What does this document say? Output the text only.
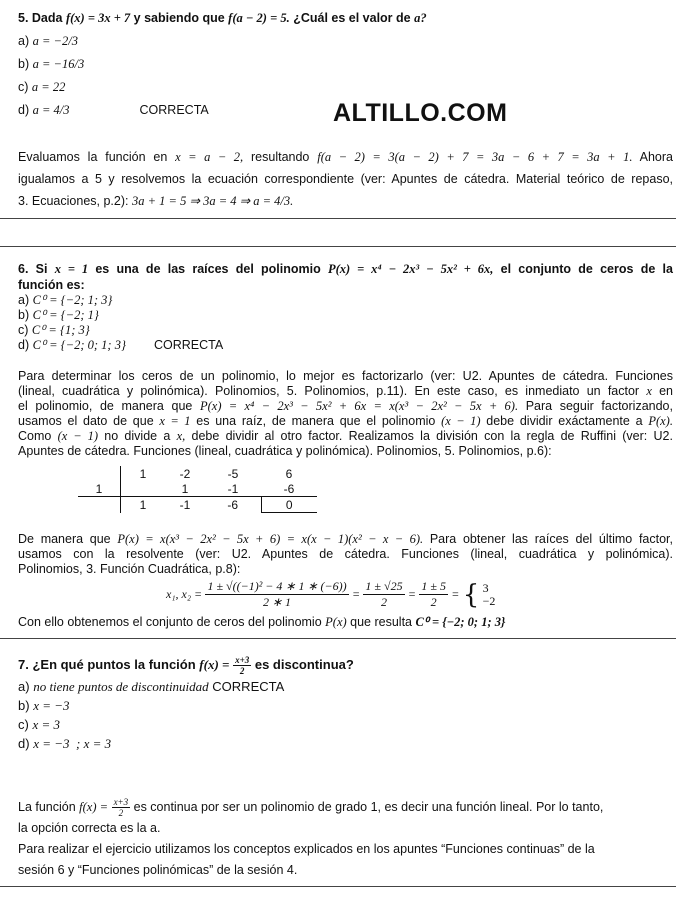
5. Dada f(x) = 3x + 7 y sabiendo que f(a − 2) = 5. ¿Cuál es el valor de a?
a) a = −2/3
b) a = −16/3
c) a = 22
d) a = 4/3	CORRECTA	ALTILLO.COM
Evaluamos la función en x = a − 2, resultando f(a − 2) = 3(a − 2) + 7 = 3a − 6 + 7 = 3a + 1. Ahora
igualamos a 5 y resolvemos la ecuación correspondiente (ver: Apuntes de cátedra. Material teórico de repaso,
3. Ecuaciones, p.2): 3a + 1 = 5 ⇒ 3a = 4 ⇒ a = 4/3.
6. Si x = 1 es una de las raíces del polinomio P(x) = x⁴ − 2x³ − 5x² + 6x, el conjunto de ceros de la
función es:
a) C⁰ = {−2; 1; 3}
b) C⁰ = {−2; 1}
c) C⁰ = {1; 3}
d) C⁰ = {−2; 0; 1; 3} CORRECTA
Para determinar los ceros de un polinomio, lo mejor es factorizarlo (ver: U2. Apuntes de cátedra. Funciones
(lineal, cuadrática y polinómica). Polinomios, 5. Polinomios, p.11). En este caso, es inmediato un factor x en
el polinomio, de manera que P(x) = x⁴ − 2x³ − 5x² + 6x = x(x³ − 2x² − 5x + 6). Para seguir factorizando,
usamos el dato de que x = 1 es una raíz, de manera que el polinomio (x − 1) debe dividir exáctamente a P(x).
Como (x − 1) no divide a x, debe dividir al otro factor. Realizamos la división con la regla de Ruffini (ver: U2.
Apuntes de cátedra. Funciones (lineal, cuadrática y polinómica). Polinomios, 5. Polinomios, p.6):
	1	-2	-5	6
1		1	-1	-6
	1	-1	-6	0
De manera que P(x) = x(x³ − 2x² − 5x + 6) = x(x − 1)(x² − x − 6). Para obtener las raíces del último factor,
usamos con la resolvente (ver: U2. Apuntes de cátedra. Funciones (lineal, cuadrática y polinómica).
Polinomios, 3. Función Cuadrática, p.8):
x₁, $x_2 = \frac{\text{1 ± √((−1)² − 4 ∗ 1 ∗ (−6))}}{2 ∗ 1} = \frac{1 \pm √25}{2} = \frac{1 \pm 5}{2}$ = { 3
−2
Con ello obtenemos el conjunto de ceros del polinomio P(x) que resulta C⁰ = {−2; 0; 1; 3}
7. ¿En qué puntos la función $f(x) = \frac{x+3}{2}$ es discontinua?
a) no tiene puntos de discontinuidad CORRECTA
b) x = −3
c) x = 3
d) x = −3  ; x = 3
La función $f(x) = \frac{x+3}{2}$ es continua por ser un polinomio de grado 1, es decir una función lineal. Por lo tanto,
la opción correcta es la a.
Para realizar el ejercicio utilizamos los conceptos explicados en los apuntes “Funciones continuas” de la
sesión 6 y “Funciones polinómicas” de la sesión 4.
